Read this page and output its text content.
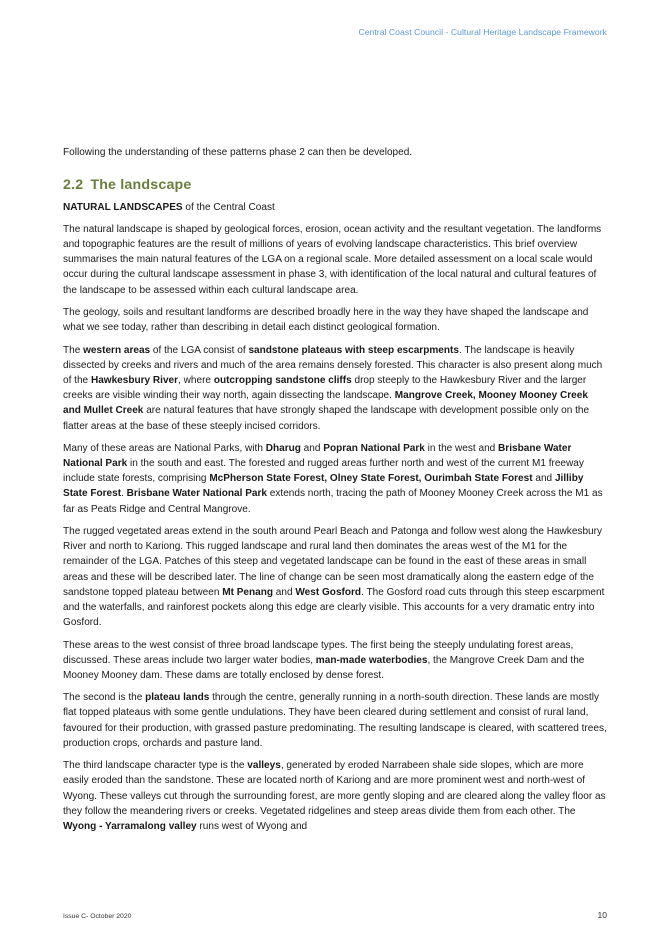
Central Coast Council - Cultural Heritage Landscape Framework

Following the understanding of these patterns phase 2 can then be developed.

2.2 The landscape

NATURAL LANDSCAPES of the Central Coast

The natural landscape is shaped by geological forces, erosion, ocean activity and the resultant vegetation. The landforms and topographic features are the result of millions of years of evolving landscape characteristics. This brief overview summarises the main natural features of the LGA on a regional scale. More detailed assessment on a local scale would occur during the cultural landscape assessment in phase 3, with identification of the local natural and cultural features of the landscape to be assessed within each cultural landscape area.

The geology, soils and resultant landforms are described broadly here in the way they have shaped the landscape and what we see today, rather than describing in detail each distinct geological formation.

The western areas of the LGA consist of sandstone plateaus with steep escarpments. The landscape is heavily dissected by creeks and rivers and much of the area remains densely forested. This character is also present along much of the Hawkesbury River, where outcropping sandstone cliffs drop steeply to the Hawkesbury River and the larger creeks are visible winding their way north, again dissecting the landscape. Mangrove Creek, Mooney Mooney Creek and Mullet Creek are natural features that have strongly shaped the landscape with development possible only on the flatter areas at the base of these steeply incised corridors.

Many of these areas are National Parks, with Dharug and Popran National Park in the west and Brisbane Water National Park in the south and east. The forested and rugged areas further north and west of the current M1 freeway include state forests, comprising McPherson State Forest, Olney State Forest, Ourimbah State Forest and Jilliby State Forest. Brisbane Water National Park extends north, tracing the path of Mooney Mooney Creek across the M1 as far as Peats Ridge and Central Mangrove.

The rugged vegetated areas extend in the south around Pearl Beach and Patonga and follow west along the Hawkesbury River and north to Kariong. This rugged landscape and rural land then dominates the areas west of the M1 for the remainder of the LGA. Patches of this steep and vegetated landscape can be found in the east of these areas in small areas and these will be described later. The line of change can be seen most dramatically along the eastern edge of the sandstone topped plateau between Mt Penang and West Gosford. The Gosford road cuts through this steep escarpment and the waterfalls, and rainforest pockets along this edge are clearly visible. This accounts for a very dramatic entry into Gosford.

These areas to the west consist of three broad landscape types. The first being the steeply undulating forest areas, discussed. These areas include two larger water bodies, man-made waterbodies, the Mangrove Creek Dam and the Mooney Mooney dam. These dams are totally enclosed by dense forest.

The second is the plateau lands through the centre, generally running in a north-south direction. These lands are mostly flat topped plateaus with some gentle undulations. They have been cleared during settlement and consist of rural land, favoured for their production, with grassed pasture predominating. The resulting landscape is cleared, with scattered trees, production crops, orchards and pasture land.

The third landscape character type is the valleys, generated by eroded Narrabeen shale side slopes, which are more easily eroded than the sandstone. These are located north of Kariong and are more prominent west and north-west of Wyong. These valleys cut through the surrounding forest, are more gently sloping and are cleared along the valley floor as they follow the meandering rivers or creeks. Vegetated ridgelines and steep areas divide them from each other. The Wyong - Yarramalong valley runs west of Wyong and

Issue C- October 2020	10
